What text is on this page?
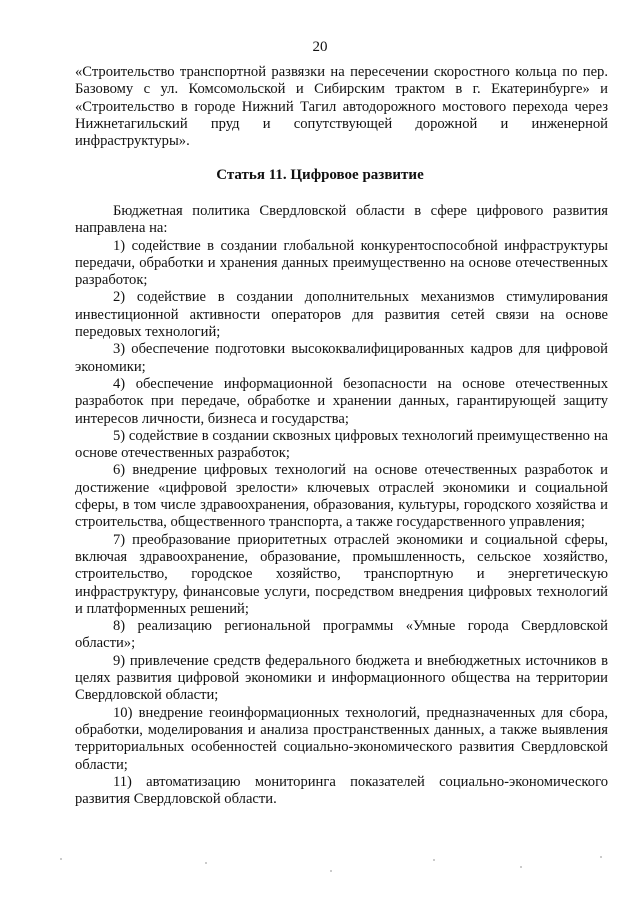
20

«Строительство транспортной развязки на пересечении скоростного кольца по пер. Базовому с ул. Комсомольской и Сибирским трактом в г. Екатеринбурге» и «Строительство в городе Нижний Тагил автодорожного мостового перехода через Нижнетагильский пруд и сопутствующей дорожной и инженерной инфраструктуры».

Статья 11. Цифровое развитие

Бюджетная политика Свердловской области в сфере цифрового развития направлена на:

1) содействие в создании глобальной конкурентоспособной инфраструктуры передачи, обработки и хранения данных преимущественно на основе отечественных разработок;

2) содействие в создании дополнительных механизмов стимулирования инвестиционной активности операторов для развития сетей связи на основе передовых технологий;

3) обеспечение подготовки высококвалифицированных кадров для цифровой экономики;

4) обеспечение информационной безопасности на основе отечественных разработок при передаче, обработке и хранении данных, гарантирующей защиту интересов личности, бизнеса и государства;

5) содействие в создании сквозных цифровых технологий преимущественно на основе отечественных разработок;

6) внедрение цифровых технологий на основе отечественных разработок и достижение «цифровой зрелости» ключевых отраслей экономики и социальной сферы, в том числе здравоохранения, образования, культуры, городского хозяйства и строительства, общественного транспорта, а также государственного управления;

7) преобразование приоритетных отраслей экономики и социальной сферы, включая здравоохранение, образование, промышленность, сельское хозяйство, строительство, городское хозяйство, транспортную и энергетическую инфраструктуру, финансовые услуги, посредством внедрения цифровых технологий и платформенных решений;

8) реализацию региональной программы «Умные города Свердловской области»;

9) привлечение средств федерального бюджета и внебюджетных источников в целях развития цифровой экономики и информационного общества на территории Свердловской области;

10) внедрение геоинформационных технологий, предназначенных для сбора, обработки, моделирования и анализа пространственных данных, а также выявления территориальных особенностей социально-экономического развития Свердловской области;

11) автоматизацию мониторинга показателей социально-экономического развития Свердловской области.
